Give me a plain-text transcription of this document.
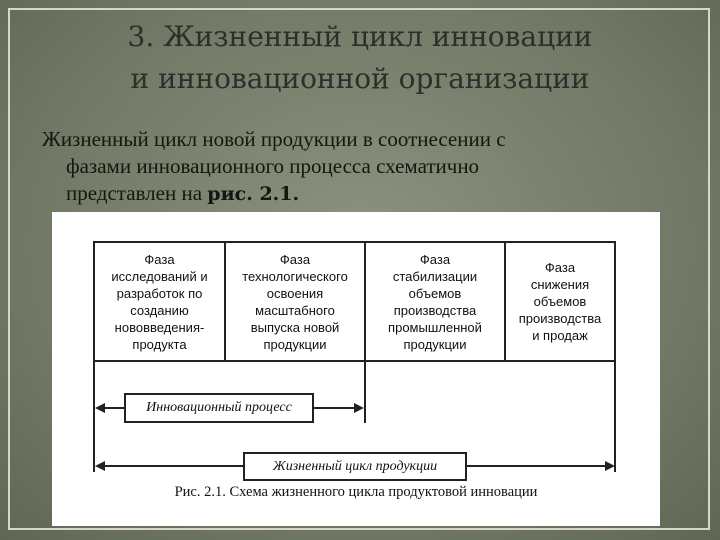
3. Жизненный цикл инновации
и инновационной организации
Жизненный цикл новой продукции в соотнесении с
фазами инновационного процесса схематично
представлен на рис. 2.1.
Фаза
исследований и
разработок по
созданию
нововведения-
продукта
Фаза
технологического
освоения
масштабного
выпуска новой
продукции
Фаза
стабилизации
объемов
производства
промышленной
продукции
Фаза
снижения
объемов
производства
и продаж
Инновационный процесс
Жизненный цикл продукции
Рис. 2.1. Схема жизненного цикла продуктовой инновации
